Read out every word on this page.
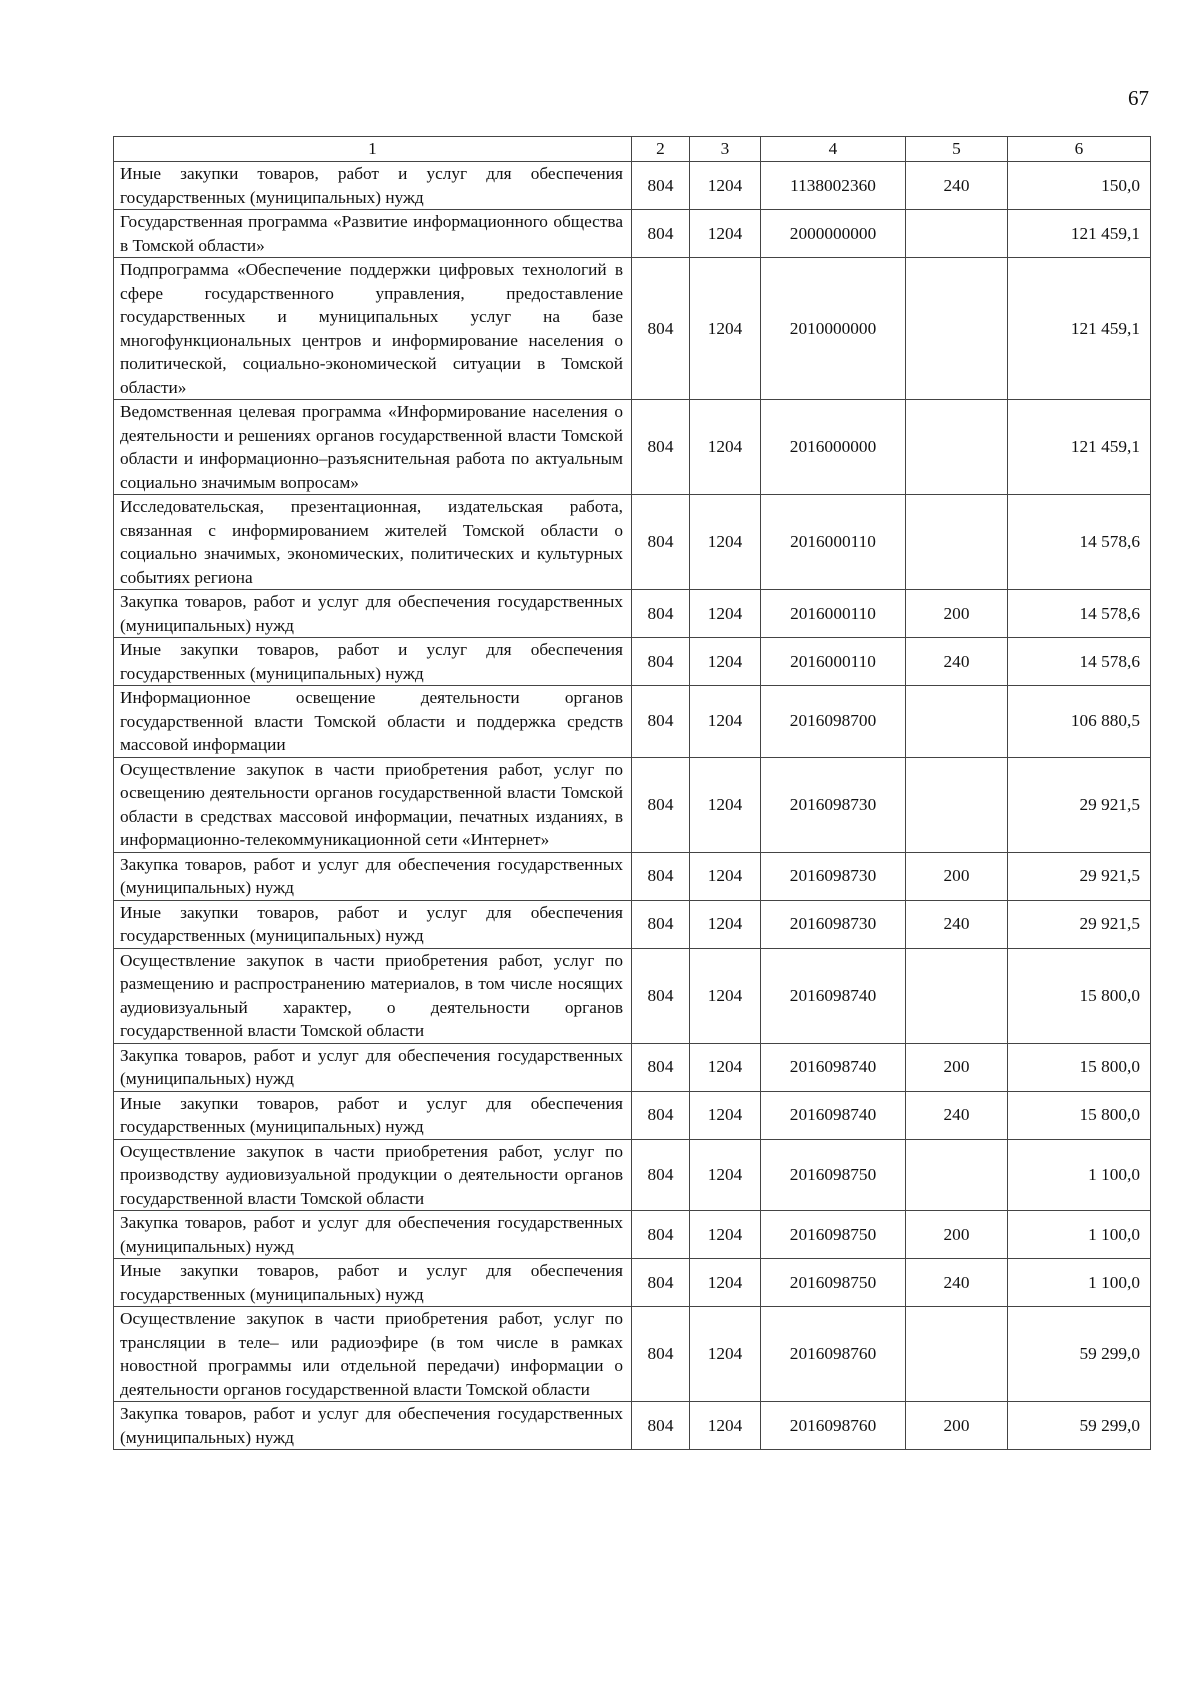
67
1	2	3	4	5	6
Иные закупки товаров, работ и услуг для обеспечения государственных (муниципальных) нужд	804	1204	1138002360	240	150,0
Государственная программа «Развитие информационного общества в Томской области»	804	1204	2000000000		121 459,1
Подпрограмма «Обеспечение поддержки цифровых технологий в сфере государственного управления, предоставление государственных и муниципальных услуг на базе многофункциональных центров и информирование населения о политической, социально-экономической ситуации в Томской области»	804	1204	2010000000		121 459,1
Ведомственная целевая программа «Информирование населения о деятельности и решениях органов государственной власти Томской области и информационно–разъяснительная работа по актуальным социально значимым вопросам»	804	1204	2016000000		121 459,1
Исследовательская, презентационная, издательская работа, связанная с информированием жителей Томской области о социально значимых, экономических, политических и культурных событиях региона	804	1204	2016000110		14 578,6
Закупка товаров, работ и услуг для обеспечения государственных (муниципальных) нужд	804	1204	2016000110	200	14 578,6
Иные закупки товаров, работ и услуг для обеспечения государственных (муниципальных) нужд	804	1204	2016000110	240	14 578,6
Информационное освещение деятельности органов государственной власти Томской области и поддержка средств массовой информации	804	1204	2016098700		106 880,5
Осуществление закупок в части приобретения работ, услуг по освещению деятельности органов государственной власти Томской области в средствах массовой информации, печатных изданиях, в информационно-телекоммуникационной сети «Интернет»	804	1204	2016098730		29 921,5
Закупка товаров, работ и услуг для обеспечения государственных (муниципальных) нужд	804	1204	2016098730	200	29 921,5
Иные закупки товаров, работ и услуг для обеспечения государственных (муниципальных) нужд	804	1204	2016098730	240	29 921,5
Осуществление закупок в части приобретения работ, услуг по размещению и распространению материалов, в том числе носящих аудиовизуальный характер, о деятельности органов государственной власти Томской области	804	1204	2016098740		15 800,0
Закупка товаров, работ и услуг для обеспечения государственных (муниципальных) нужд	804	1204	2016098740	200	15 800,0
Иные закупки товаров, работ и услуг для обеспечения государственных (муниципальных) нужд	804	1204	2016098740	240	15 800,0
Осуществление закупок в части приобретения работ, услуг по производству аудиовизуальной продукции о деятельности органов государственной власти Томской области	804	1204	2016098750		1 100,0
Закупка товаров, работ и услуг для обеспечения государственных (муниципальных) нужд	804	1204	2016098750	200	1 100,0
Иные закупки товаров, работ и услуг для обеспечения государственных (муниципальных) нужд	804	1204	2016098750	240	1 100,0
Осуществление закупок в части приобретения работ, услуг по трансляции в теле– или радиоэфире (в том числе в рамках новостной программы или отдельной передачи) информации о деятельности органов государственной власти Томской области	804	1204	2016098760		59 299,0
Закупка товаров, работ и услуг для обеспечения государственных (муниципальных) нужд	804	1204	2016098760	200	59 299,0
